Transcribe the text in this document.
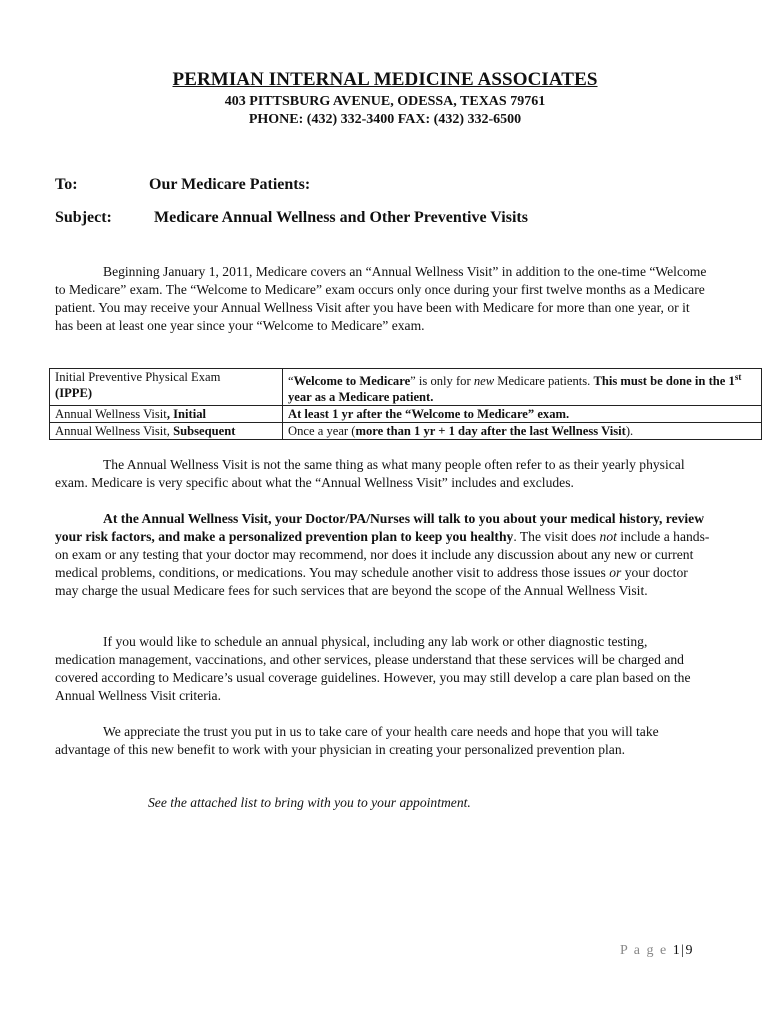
PERMIAN INTERNAL MEDICINE ASSOCIATES
403 PITTSBURG AVENUE, ODESSA, TEXAS 79761
PHONE: (432) 332-3400 FAX: (432) 332-6500
To:	Our Medicare Patients:
Subject:	Medicare Annual Wellness and Other Preventive Visits

Beginning January 1, 2011, Medicare covers an “Annual Wellness Visit” in addition to the one-time “Welcome to Medicare” exam. The “Welcome to Medicare” exam occurs only once during your first twelve months as a Medicare patient. You may receive your Annual Wellness Visit after you have been with Medicare for more than one year, or it has been at least one year since your “Welcome to Medicare” exam.

Initial Preventive Physical Exam
(IPPE)	“Welcome to Medicare” is only for new Medicare patients. This must be done in the 1st year as a Medicare patient.
Annual Wellness Visit, Initial	At least 1 yr after the “Welcome to Medicare” exam.
Annual Wellness Visit, Subsequent	Once a year (more than 1 yr + 1 day after the last Wellness Visit).

The Annual Wellness Visit is not the same thing as what many people often refer to as their yearly physical exam. Medicare is very specific about what the “Annual Wellness Visit” includes and excludes.

At the Annual Wellness Visit, your Doctor/PA/Nurses will talk to you about your medical history, review your risk factors, and make a personalized prevention plan to keep you healthy. The visit does not include a hands-on exam or any testing that your doctor may recommend, nor does it include any discussion about any new or current medical problems, conditions, or medications. You may schedule another visit to address those issues or your doctor may charge the usual Medicare fees for such services that are beyond the scope of the Annual Wellness Visit.

If you would like to schedule an annual physical, including any lab work or other diagnostic testing, medication management, vaccinations, and other services, please understand that these services will be charged and covered according to Medicare’s usual coverage guidelines. However, you may still develop a care plan based on the Annual Wellness Visit criteria.

We appreciate the trust you put in us to take care of your health care needs and hope that you will take advantage of this new benefit to work with your physician in creating your personalized prevention plan.

See the attached list to bring with you to your appointment.

P a g e 1|9
